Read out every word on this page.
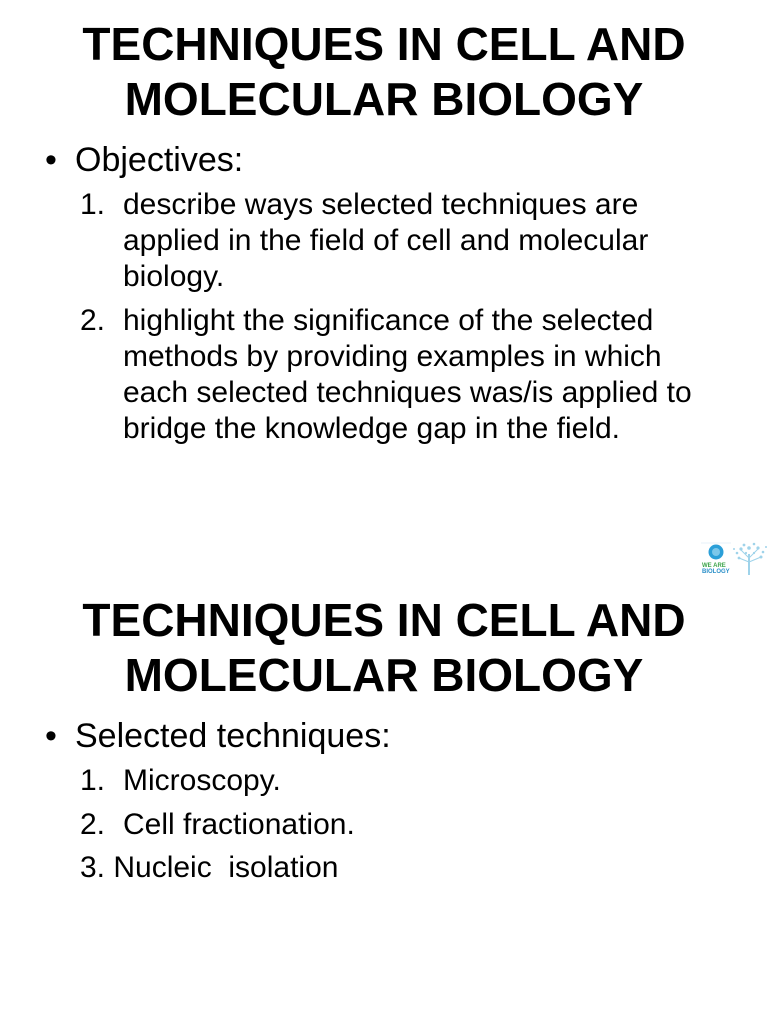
TECHNIQUES IN CELL AND MOLECULAR BIOLOGY
• Objectives:
1. describe ways selected techniques are applied in the field of cell and molecular biology.
2. highlight the significance of the selected methods by providing examples in which each selected techniques was/is applied to bridge the knowledge gap in the field.
WE ARE
BIOLOGY
TECHNIQUES IN CELL AND MOLECULAR BIOLOGY
• Selected techniques:
1. Microscopy.
2. Cell fractionation.
3. Nucleic  isolation
